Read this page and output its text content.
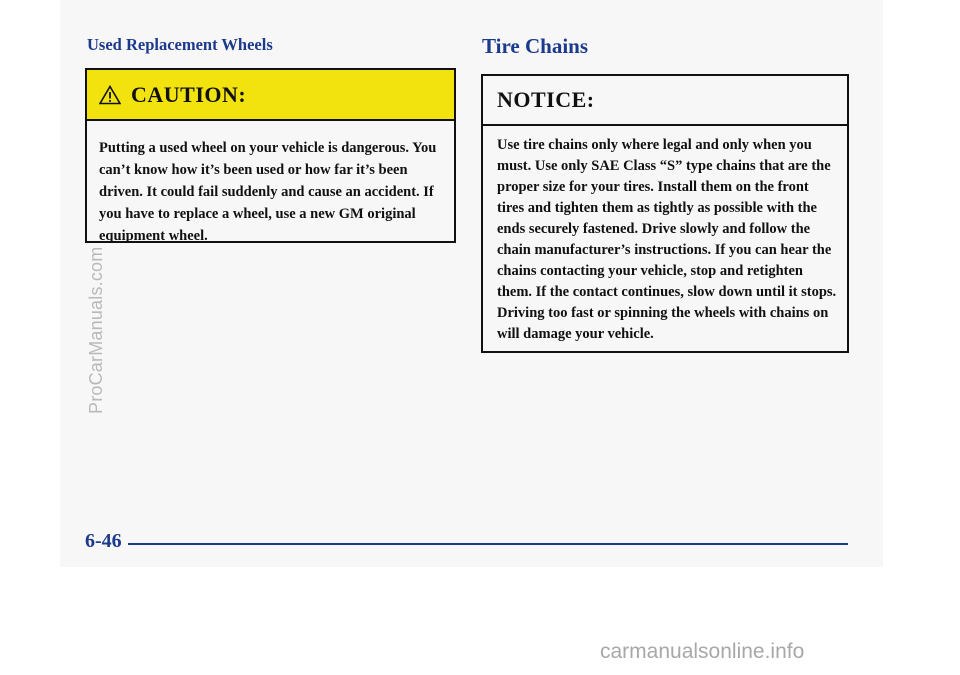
Used Replacement Wheels
CAUTION:
Putting a used wheel on your vehicle is dangerous. You can’t know how it’s been used or how far it’s been driven. It could fail suddenly and cause an accident. If you have to replace a wheel, use a new GM original equipment wheel.
Tire Chains
NOTICE:
Use tire chains only where legal and only when you must. Use only SAE Class “S” type chains that are the proper size for your tires. Install them on the front tires and tighten them as tightly as possible with the ends securely fastened. Drive slowly and follow the chain manufacturer’s instructions. If you can hear the chains contacting your vehicle, stop and retighten them. If the contact continues, slow down until it stops. Driving too fast or spinning the wheels with chains on will damage your vehicle.
6-46
ProCarManuals.com
carmanualsonline.info
